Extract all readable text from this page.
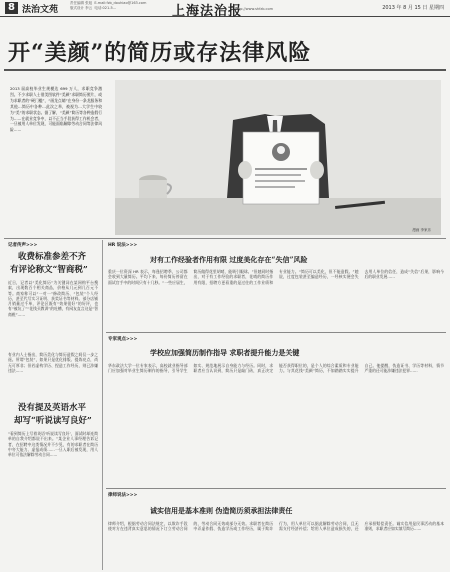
8 法治文苑
责任编辑 张旭  E-mail:fzb_douhiao@163.com
版式设计 李云  电话:021-5…	上海法治报
http://www.shfzb.com	2013 年 8 月 15 日 星期四
开“美颜”的简历或存法律风险
2013 届高校毕业生规模达 699 万人，求职竞争激烈。不少求职人士借美图软件“美颜”求职简历照片，或为求职者的“硬门槛”，“画龙点睛”在身份一条龙服务和其他…简历中各种…此次之举，被视为…大学生中较为“美”的求职状态。据了解，“美颜”简历等各种造假行为……在就业竞争中，以不正当手段获得工作机会者，一旦被用人单位发现，可能面临解除劳动合同等法律风险……
漫画 李家乐
记者传声>>>
收费标准参差不齐
有评论称文“智商税”
近日，记者以“美化简历”为关键词在某网购平台搜索，出现数百个相关商品，价格从几元到几百元不等。商家称可以“一对一”修改简历、“包装”个人经历，甚至代写实习证明、获奖证书等材料。部分店铺月销量过千单，评论区既有“效果很好”的好评，也有“被坑了”“花钱买教训”的吐槽，有网友直言这是“智商税”……
有业内人士指出，简历美化与简历造假之间仅一步之遥。所谓“包装”，如果只是优化排版、提炼亮点，尚无可厚非；但若虚构学历、捏造工作经历，则已涉嫌违法……
没有提及英语水平
却写“听说读写良好”
“看到简历上写着英语‘听说读写良好’，面试时却连简单的自我介绍都说不出来。”某企业人事经理告诉记者，在招聘中这类情况并不少见，有的求职者在简历中夸大能力、虚报成绩……一旦入职后被发现，用人单位可依法解除劳动合同……
HR 说法>>>
对有工作经验者作用有限 过度美化存在“失信”风险
重庆一位资深 HR 表示，每逢招聘季，公司都会收到大量简历。平均下来，每份简历停留在面试官手中的时间只有十几秒。“一些应届生，简历做得花里胡哨，能吸引眼球。”但她同时指出，对于有工作经验的求职者，花哨的简历作用有限，招聘方更看重的是过往的工作业绩和专业能力。“简历可以美化，但不能造假。”她说，过度包装甚至编造经历，一经核实便会失去用人单位的信任，造成“失信”后果，影响今后的职业发展……
专家观点>>>
学校应加强简历制作指导 求职者提升能力是关键
华东政法大学一位专家表示，高校就业指导部门应加强对毕业生简历制作的指导，引导学生如实、规范地展示自身能力与经历。同时，求职者应当认识到，简历只是敲门砖，真正决定能否获得职位的，是个人的综合素质和专业能力。与其花钱“美颜”简历，不如踏踏实实提升自己。他提醒，伪造证书、学历等材料，情节严重的还可能涉嫌违法犯罪……
律师说法>>>
诚实信用是基本准则 伪造简历须承担法律责任
律师介绍，根据劳动合同法规定，以欺诈手段使对方在违背真实意思的情况下订立劳动合同的，劳动合同无效或部分无效。求职者在简历中弄虚作假、伪造学历或工作经历，属于欺诈行为，用人单位可以据此解除劳动合同，且无需支付经济补偿；给用人单位造成损失的，还应承担赔偿责任。诚实信用是民事活动的基本准则，求职者应如实填写简历……
